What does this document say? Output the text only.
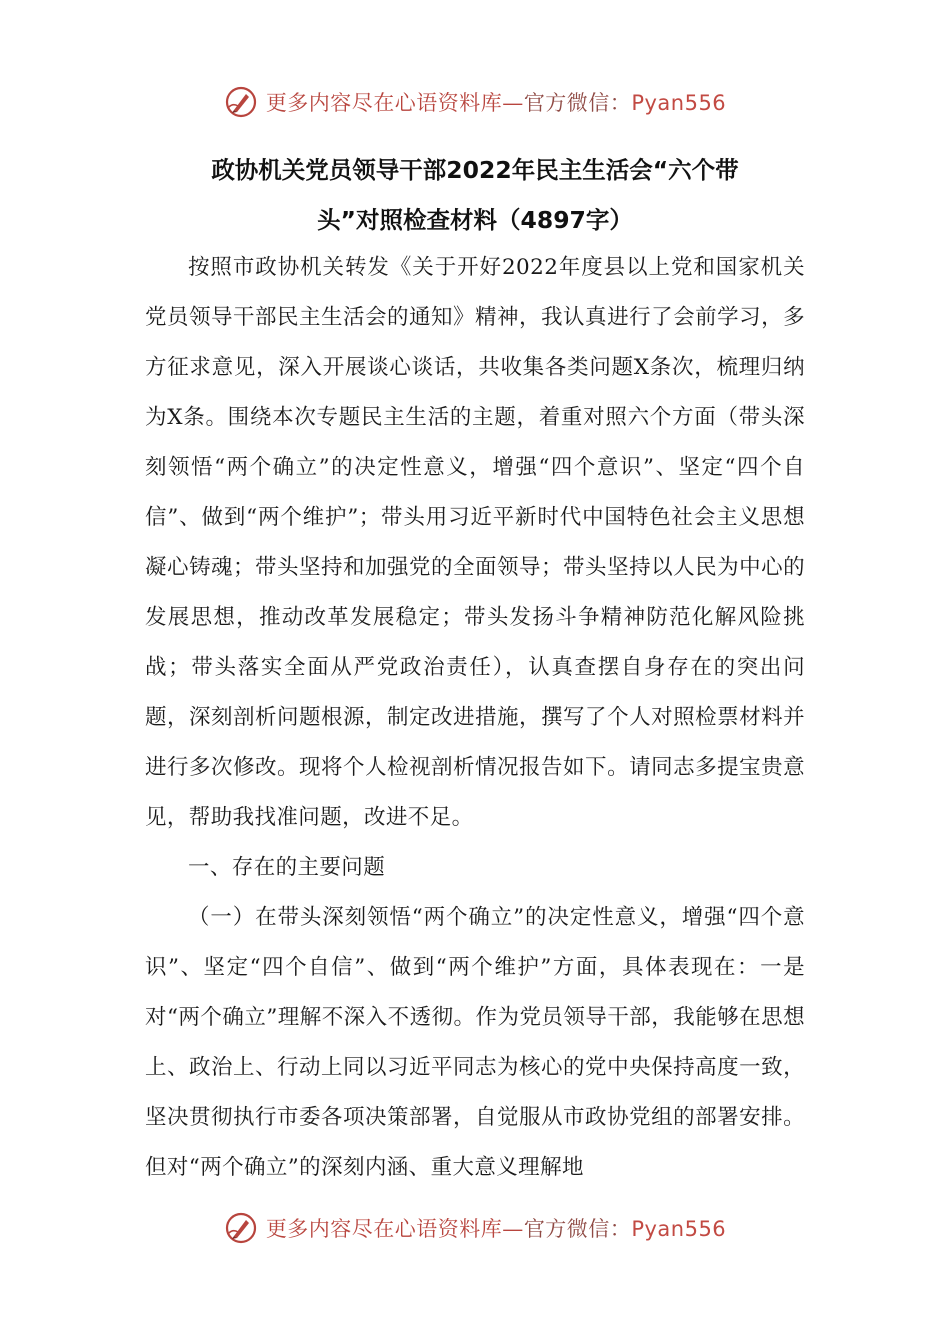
更多内容尽在心语资料库—官方微信：Pyan556
政协机关党员领导干部2022年民主生活会“六个带
头”对照检查材料（4897字）

按照市政协机关转发《关于开好2022年度县以上党和国家机关党员领导干部民主生活会的通知》精神，我认真进行了会前学习，多方征求意见，深入开展谈心谈话，共收集各类问题X条次，梳理归纳为X条。围绕本次专题民主生活的主题，着重对照六个方面（带头深刻领悟“两个确立”的决定性意义，增强“四个意识”、坚定“四个自信”、做到“两个维护”；带头用习近平新时代中国特色社会主义思想凝心铸魂；带头坚持和加强党的全面领导；带头坚持以人民为中心的发展思想，推动改革发展稳定；带头发扬斗争精神防范化解风险挑战；带头落实全面从严党政治责任），认真查摆自身存在的突出问题，深刻剖析问题根源，制定改进措施，撰写了个人对照检票材料并进行多次修改。现将个人检视剖析情况报告如下。请同志多提宝贵意见，帮助我找准问题，改进不足。

一、存在的主要问题

（一）在带头深刻领悟“两个确立”的决定性意义，增强“四个意识”、坚定“四个自信”、做到“两个维护”方面，具体表现在：一是对“两个确立”理解不深入不透彻。作为党员领导干部，我能够在思想上、政治上、行动上同以习近平同志为核心的党中央保持高度一致，坚决贯彻执行市委各项决策部署，自觉服从市政协党组的部署安排。但对“两个确立”的深刻内涵、重大意义理解地

更多内容尽在心语资料库—官方微信：Pyan556
